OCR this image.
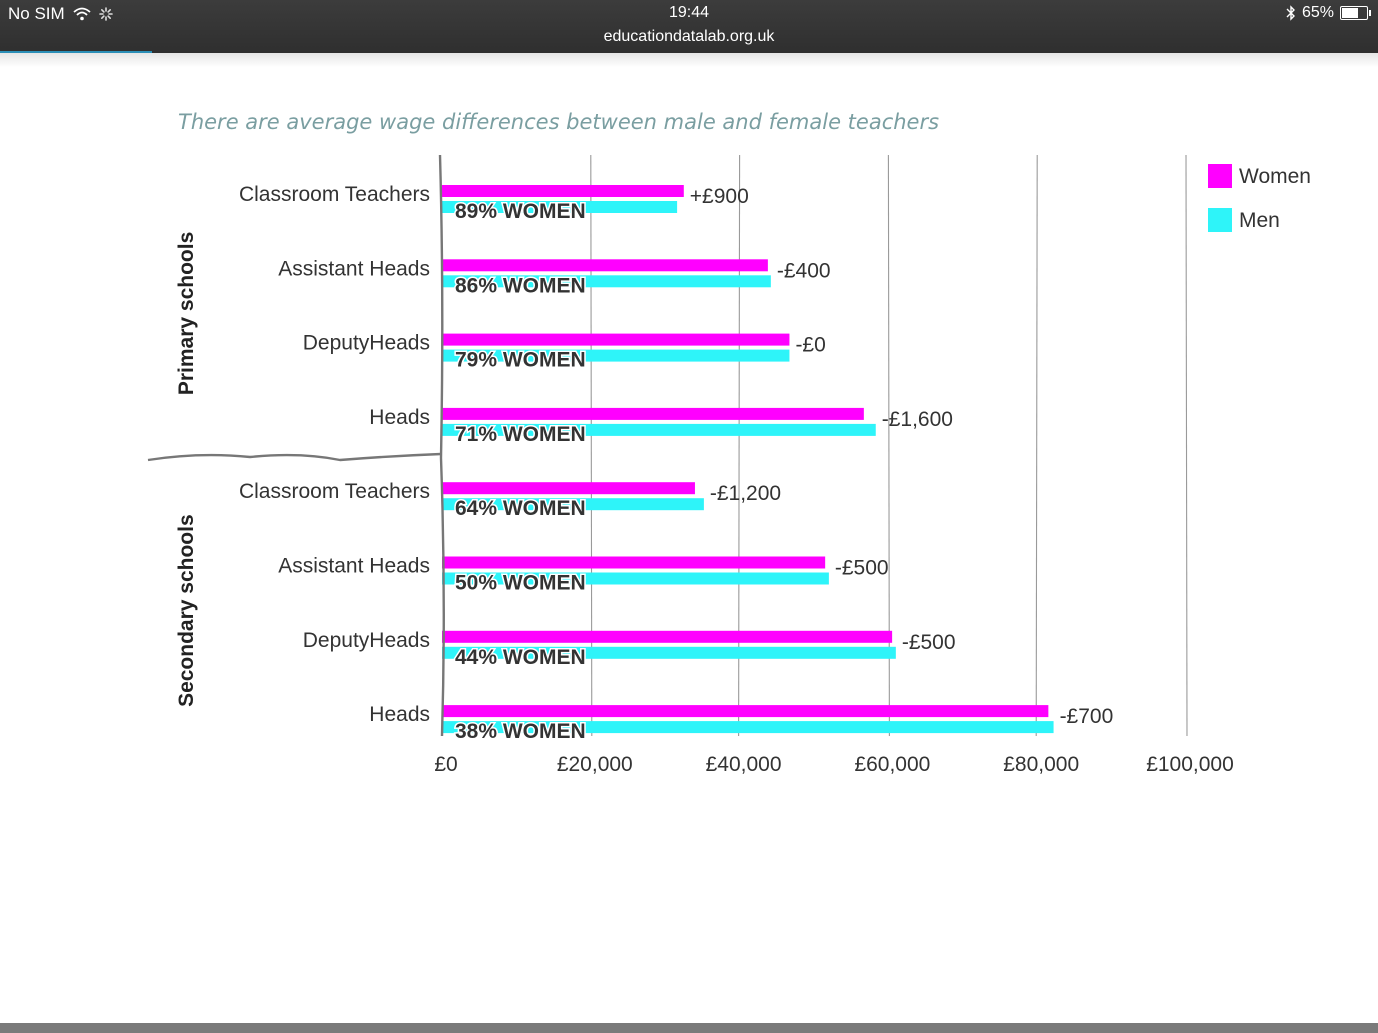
No SIM	19:44
educationdatalab.org.uk
65%
There are average wage differences between male and female teachers
Classroom Teachers	+£900
89% WOMEN
Assistant Heads	-£400
86% WOMEN
DeputyHeads	-£0
79% WOMEN
Heads	-£1,600
71% WOMEN
Classroom Teachers	-£1,200
64% WOMEN
Assistant Heads	-£500
50% WOMEN
DeputyHeads	-£500
44% WOMEN
Heads	-£700
38% WOMEN
£0	£20,000	£40,000	£60,000	£80,000	£100,000
Primary schools
Secondary schools
Women
Men
